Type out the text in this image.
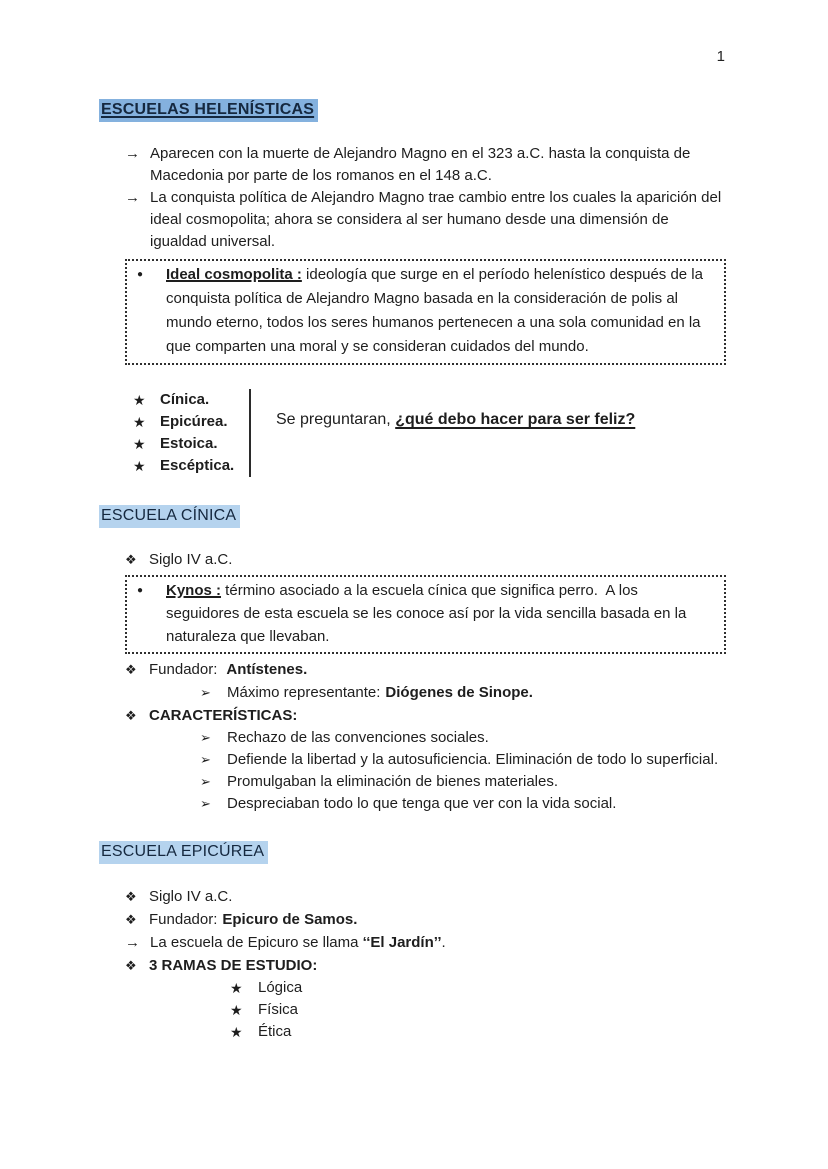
1
ESCUELAS HELENÍSTICAS
→ Aparecen con la muerte de Alejandro Magno en el 323 a.C. hasta la conquista de Macedonia por parte de los romanos en el 148 a.C.
→ La conquista política de Alejandro Magno trae cambio entre los cuales la aparición del ideal cosmopolita; ahora se considera al ser humano desde una dimensión de igualdad universal.
●	Ideal cosmopolita : ideología que surge en el período helenístico después de la conquista política de Alejandro Magno basada en la consideración de polis al mundo eterno, todos los seres humanos pertenecen a una sola comunidad en la que comparten una moral y se consideran cuidados del mundo.
★ Cínica.
★ Epicúrea.
★ Estoica.
★ Escéptica.
Se preguntaran, ¿qué debo hacer para ser feliz?
ESCUELA CÍNICA
❖ Siglo IV a.C.
●	Kynos : término asociado a la escuela cínica que significa perro.  A los seguidores de esta escuela se les conoce así por la vida sencilla basada en la naturaleza que llevaban.
❖ Fundador: Antístenes.
➢	Máximo representante: Diógenes de Sinope.
❖ CARACTERÍSTICAS:
➢	Rechazo de las convenciones sociales.
➢	Defiende la libertad y la autosuficiencia. Eliminación de todo lo superficial.
➢	Promulgaban la eliminación de bienes materiales.
➢	Despreciaban todo lo que tenga que ver con la vida social.
ESCUELA EPICÚREA
❖ Siglo IV a.C.
❖ Fundador: Epicuro de Samos.
→ La escuela de Epicuro se llama ‘‘El Jardín’’.
❖ 3 RAMAS DE ESTUDIO:
★	Lógica
★	Física
★	Ética
